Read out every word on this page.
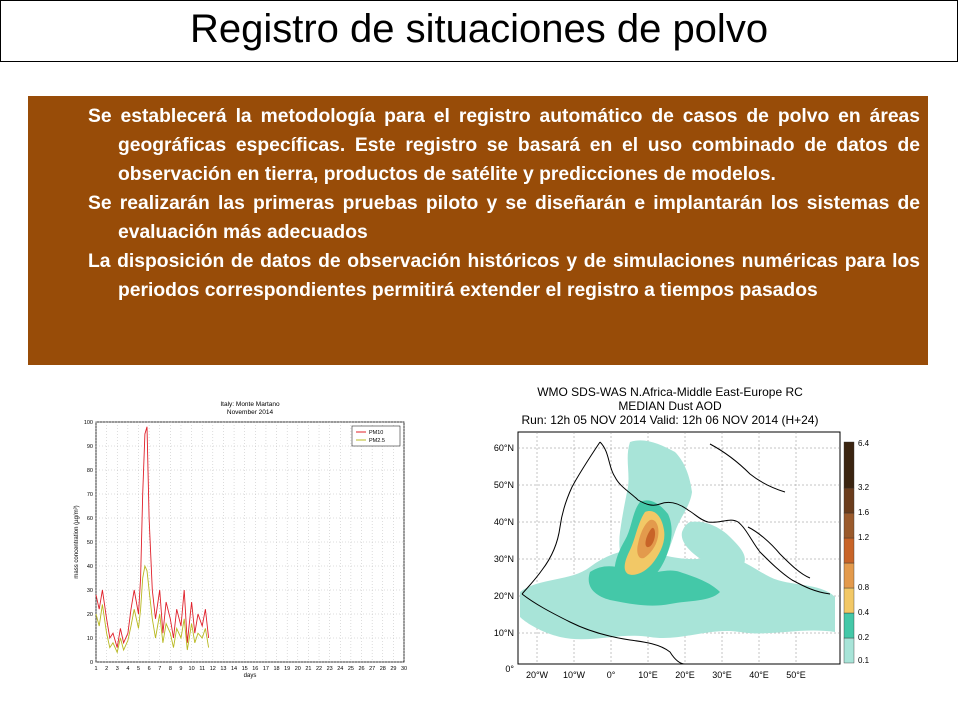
Registro de situaciones de polvo

Se establecerá la metodología para el registro automático de casos de polvo en áreas geográficas específicas. Este registro se basará en el uso combinado de datos de observación en tierra, productos de satélite y predicciones de modelos.

Se realizarán las primeras pruebas piloto y se diseñarán e implantarán los sistemas de evaluación más adecuados

La disposición de datos de observación históricos y de simulaciones numéricas para los periodos correspondientes permitirá extender el registro a tiempos pasados

Italy: Monte Martano
November 2014
0
10
20
30
40
50
60
70
80
90
100
1 2 3 4 5 6 7 8 9 10 11 12 13 14 15 16 17 18 19 20 21 22 23 24 25 26 27 28 29 30
PM10
PM2.5
days
mass concentration (µg/m³)
WMO SDS-WAS N.Africa-Middle East-Europe RC
MEDIAN Dust AOD
Run: 12h 05 NOV 2014 Valid: 12h 06 NOV 2014 (H+24)
60°N
50°N
40°N
30°N
20°N
10°N
0°
20°W 10°W 0°	10°E 20°E 30°E 40°E 50°E
0.1
0.2
0.4
0.8
1.2
1.6
3.2
6.4
